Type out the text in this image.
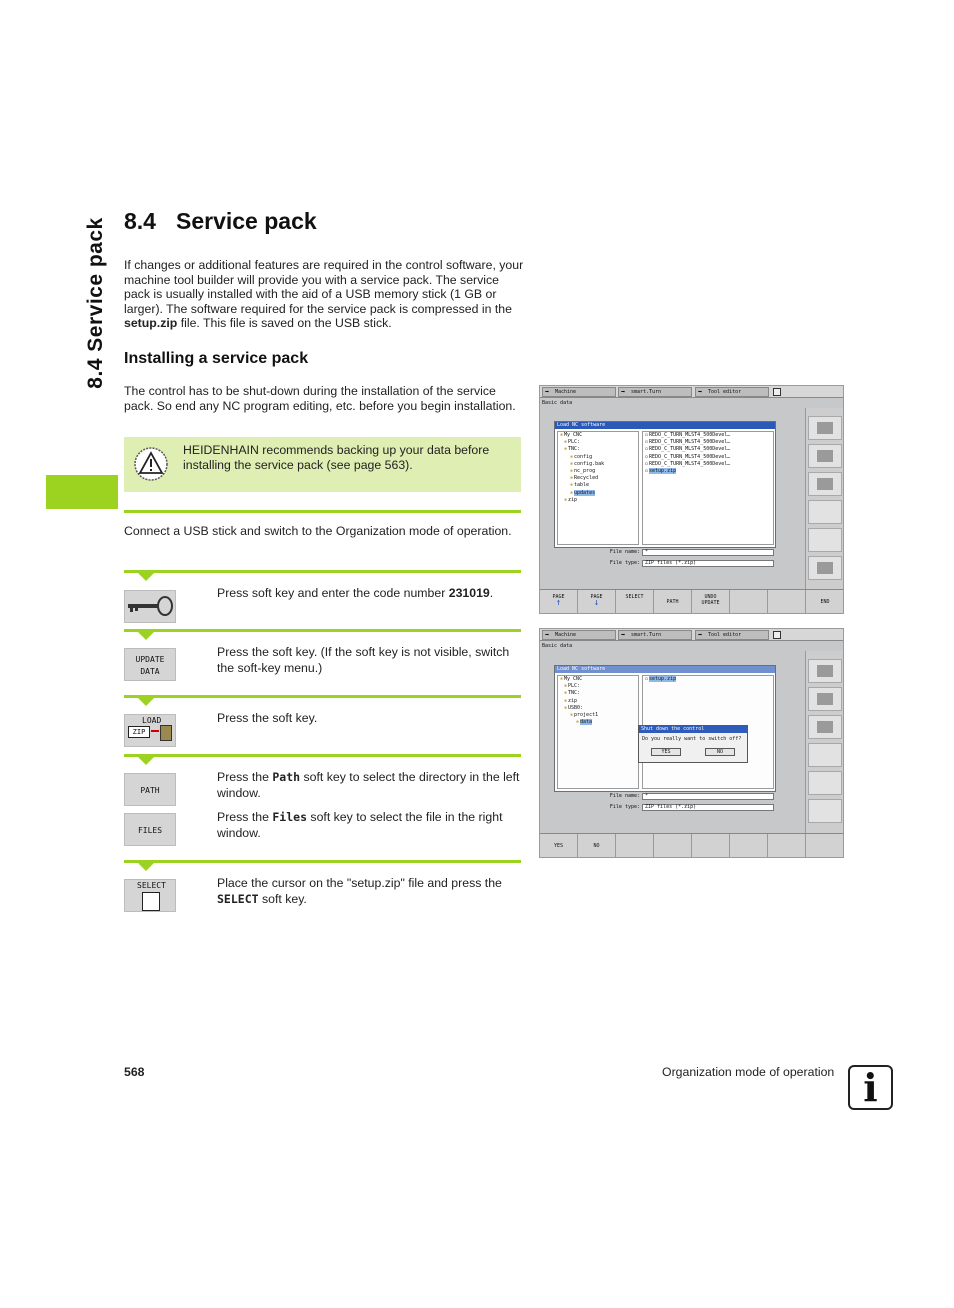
8.4 Service pack 8.4 Service pack

If changes or additional features are required in the control software, your machine tool builder will provide you with a service pack. The service pack is usually installed with the aid of a USB memory stick (1 GB or larger). The software required for the service pack is compressed in the setup.zip file. This file is saved on the USB stick.

Installing a service pack

The control has to be shut-down during the installation of the service pack. So end any NC program editing, etc. before you begin installation.

HEIDENHAIN recommends backing up your data before installing the service pack (see page 563).

Connect a USB stick and switch to the Organization mode of operation.

Press soft key and enter the code number 231019.

UPDATE
DATA

Press the soft key. (If the soft key is not visible, switch the soft-key menu.)

LOAD
ZIP

Press the soft key.

PATH

Press the Path soft key to select the directory in the left window.

FILES

Press the Files soft key to select the file in the right window.

SELECT	Place the cursor on the "setup.zip" file and press the SELECT soft key.

➡ Machine	➡ smart.Turn	➡ Tool editor
Basic data
Load NC software
▪ My CNC
▪ PLC:
▪ TNC:
▪ config
▪ config.bak
▪ nc_prog
▪ Recycled
▪ table
▪ updates
▪ zip
▫ REDO_C_TURN_MLST4_500Devel…
▫ REDO_C_TURN_MLST4_500Devel…
▫ REDO_C_TURN_MLST4_500Devel…
▫ REDO_C_TURN_MLST4_500Devel…
▫ REDO_C_TURN_MLST4_500Devel…
▫ setup.zip
File name:	*
File type:	ZIP files (*.zip)
PAGE
↑
PAGE
↓
SELECT
PATH
UNDO
UPDATE	END
➡ Machine	➡ smart.Turn	➡ Tool editor
Basic data
Load NC software
▪ My CNC
▪ PLC:
▪ TNC:
▪ zip
▪ USB0:
▪ project1
▪ data
▫ setup.zip
Shut down the control
Do you really want to switch off?
YES	NO
File name:	*
File type:	ZIP files (*.zip)
YES	NO
568	Organization mode of operation i
